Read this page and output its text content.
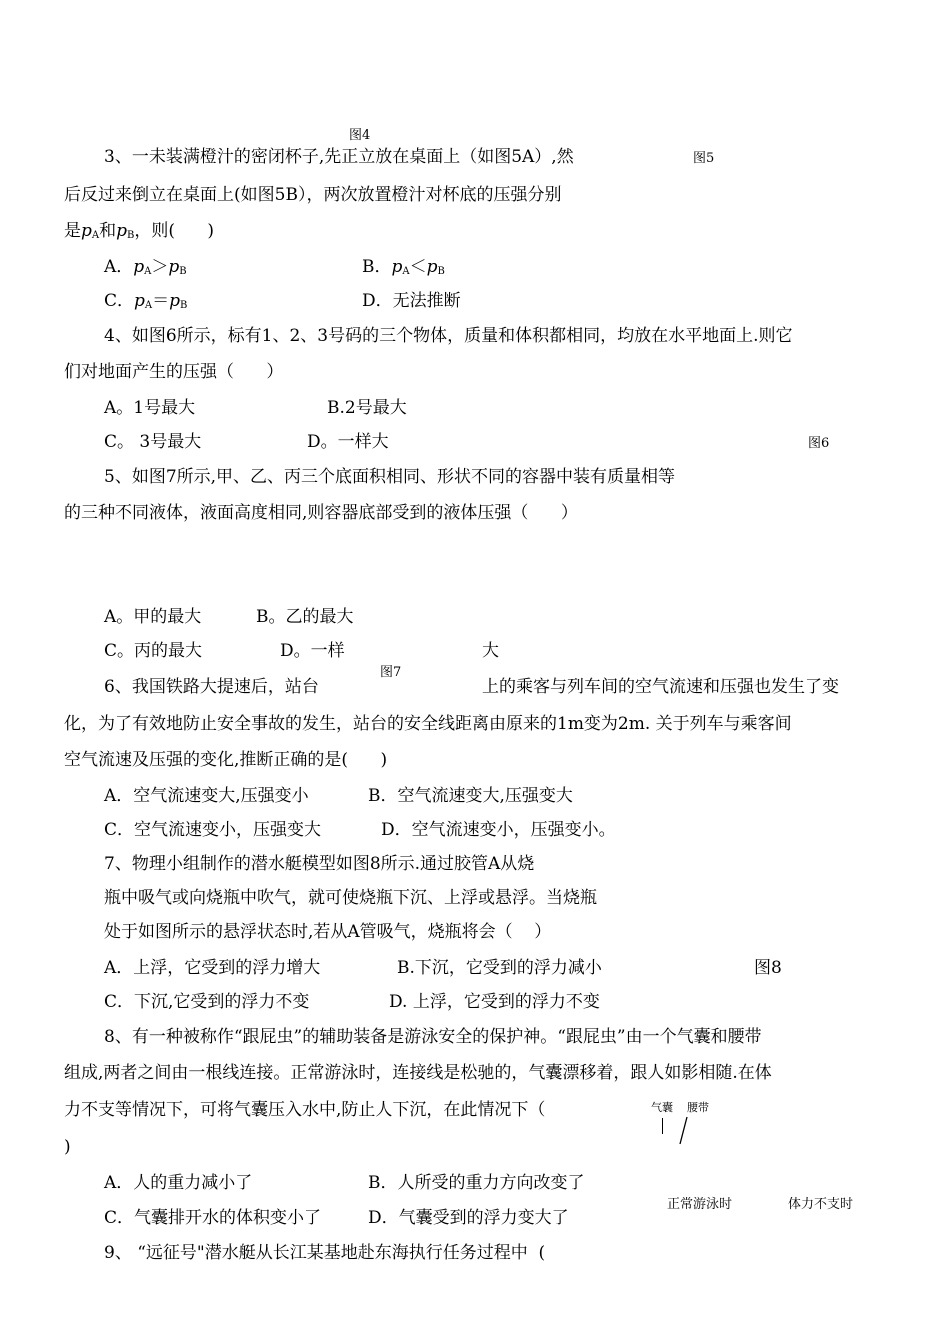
图4
图5
3、一未装满橙汁的密闭杯子,先正立放在桌面上（如图5A）,然
后反过来倒立在桌面上(如图5B），两次放置橙汁对杯底的压强分别
是$p_A$和$p_B$，则(      )
A．$p_A>p_B$	B．$p_A<p_B$
C．$p_A=p_B$	D．无法推断
4、如图6所示，标有1、2、3号码的三个物体，质量和体积都相同，均放在水平地面上.则它
们对地面产生的压强（      ）
A。1号最大	B.2号最大
C。 3号最大	D。一样大	图6
5、如图7所示,甲、乙、丙三个底面积相同、形状不同的容器中装有质量相等
的三种不同液体，液面高度相同,则容器底部受到的液体压强（      ）
A。甲的最大	B。乙的最大
C。丙的最大	D。一样	大
图7
6、我国铁路大提速后，站台	上的乘客与列车间的空气流速和压强也发生了变
化，为了有效地防止安全事故的发生，站台的安全线距离由原来的1m变为2m. 关于列车与乘客间
空气流速及压强的变化,推断正确的是(      )
A．空气流速变大,压强变小	B．空气流速变大,压强变大
C．空气流速变小，压强变大	D．空气流速变小，压强变小。
7、物理小组制作的潜水艇模型如图8所示.通过胶管A从烧
瓶中吸气或向烧瓶中吹气，就可使烧瓶下沉、上浮或悬浮。当烧瓶
处于如图所示的悬浮状态时,若从A管吸气，烧瓶将会（    ）
A．上浮，它受到的浮力增大	B.下沉，它受到的浮力减小	图8
C．下沉,它受到的浮力不变	D. 上浮，它受到的浮力不变
8、有一种被称作“跟屁虫”的辅助装备是游泳安全的保护神。“跟屁虫”由一个气囊和腰带
组成,两者之间由一根线连接。正常游泳时，连接线是松驰的，气囊漂移着，跟人如影相随.在体
力不支等情况下，可将气囊压入水中,防止人下沉，在此情况下（
)
气囊 腰带
A．人的重力减小了	B．人所受的重力方向改变了
C．气囊排开水的体积变小了	D．气囊受到的浮力变大了
正常游泳时	体力不支时
9、 “远征号"潜水艇从长江某基地赴东海执行任务过程中  (
